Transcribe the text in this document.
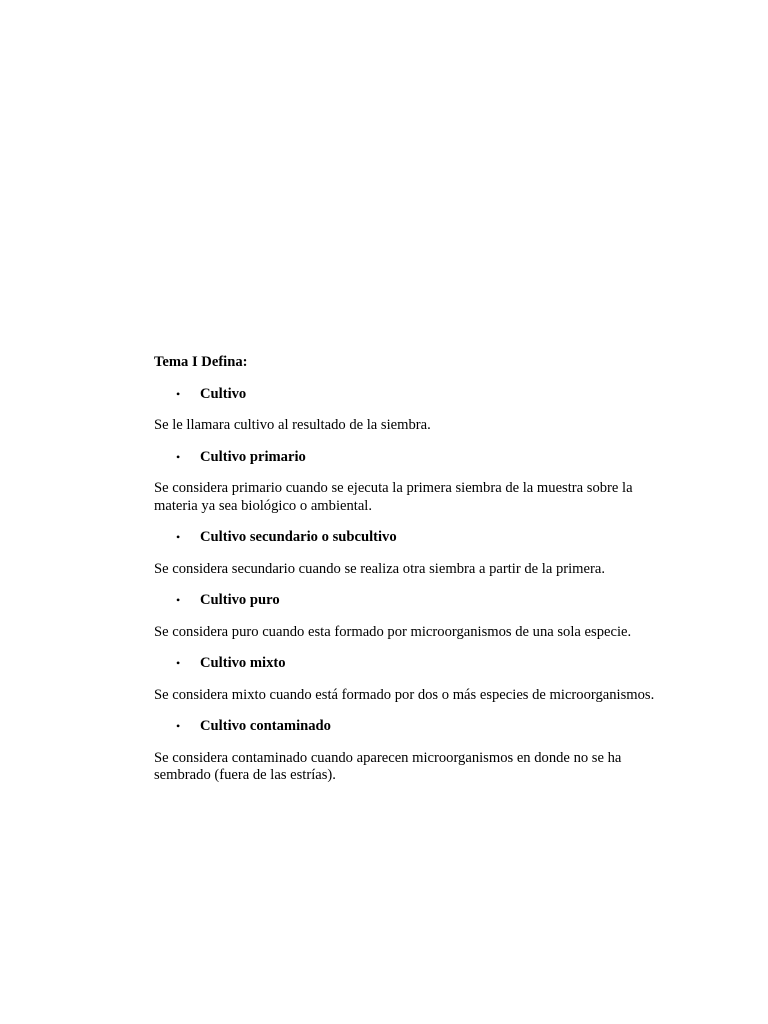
Tema I Defina:
•	Cultivo
Se le llamara cultivo al resultado de la siembra.
•	Cultivo primario
Se considera primario cuando se ejecuta la primera siembra de la muestra sobre la materia ya sea biológico o ambiental.
•	Cultivo secundario o subcultivo
Se considera secundario cuando se realiza otra siembra a partir de la primera.
•	Cultivo puro
Se considera puro cuando esta formado por microorganismos de una sola especie.
•	Cultivo mixto
Se considera mixto cuando está formado por dos o más especies de microorganismos.
•	Cultivo contaminado
Se considera contaminado cuando aparecen microorganismos en donde no se ha sembrado (fuera de las estrías).
